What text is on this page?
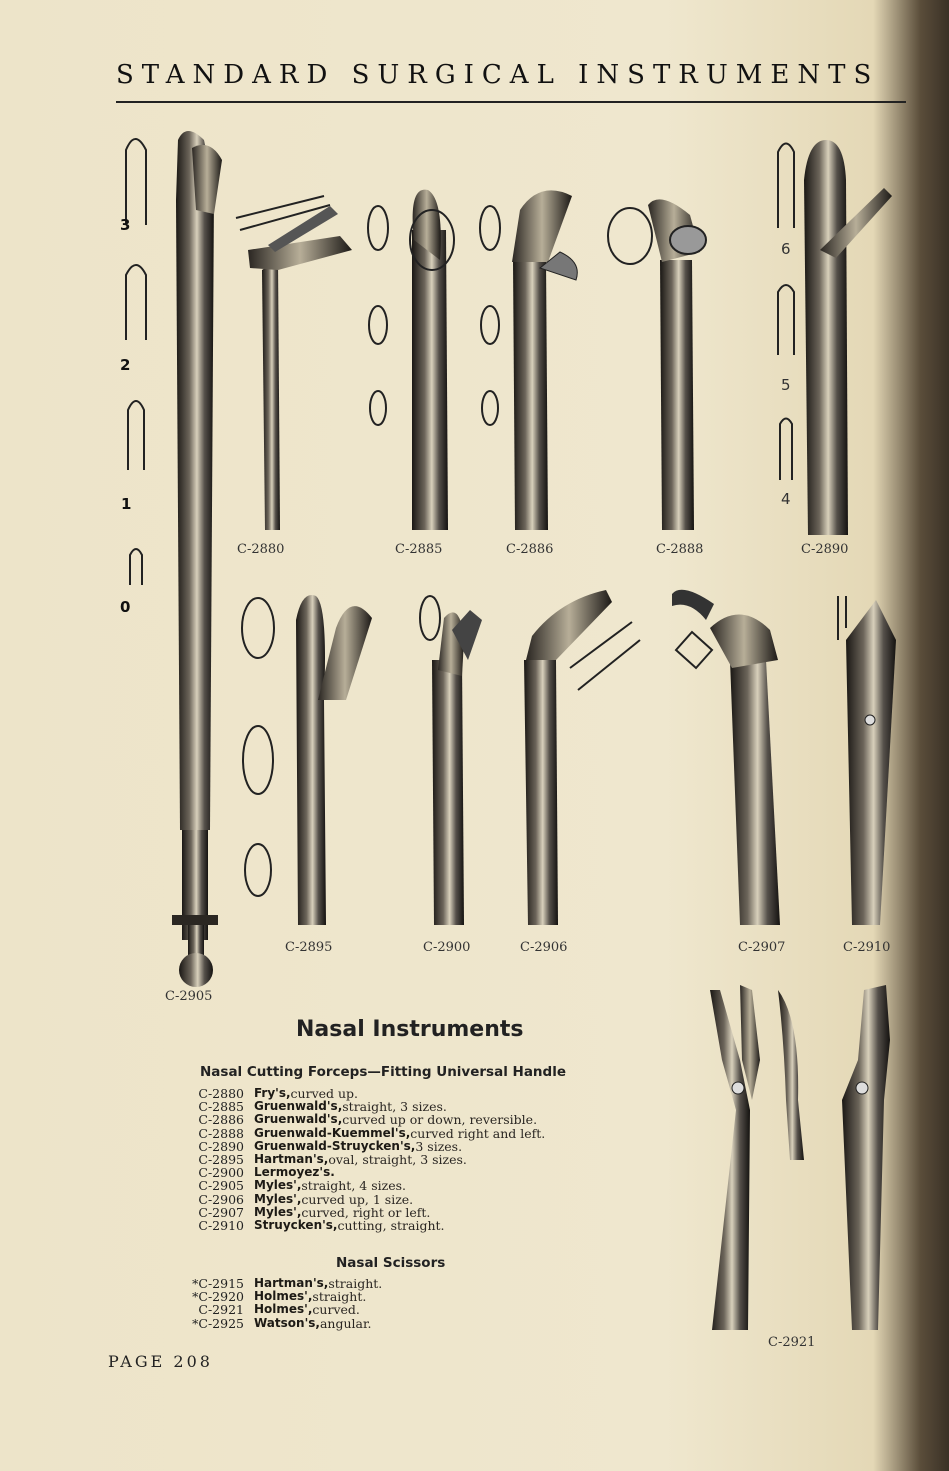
STANDARD SURGICAL INSTRUMENTS
3
2
1
0
6
5
4
C-2880	C-2885	C-2886	C-2888	C-2890
C-2895	C-2900	C-2906	C-2907	C-2910
C-2905
C-2921
Nasal Instruments
Nasal Cutting Forceps—Fitting Universal Handle
C-2880 Fry's, curved up.
C-2885 Gruenwald's, straight, 3 sizes.
C-2886 Gruenwald's, curved up or down, reversible.
C-2888 Gruenwald-Kuemmel's, curved right and left.
C-2890 Gruenwald-Struycken's, 3 sizes.
C-2895 Hartman's, oval, straight, 3 sizes.
C-2900 Lermoyez's.
C-2905 Myles', straight, 4 sizes.
C-2906 Myles', curved up, 1 size.
C-2907 Myles', curved, right or left.
C-2910 Struycken's, cutting, straight.
Nasal Scissors
*C-2915 Hartman's, straight.
*C-2920 Holmes', straight.
C-2921 Holmes', curved.
*C-2925 Watson's, angular.
PAGE 208
